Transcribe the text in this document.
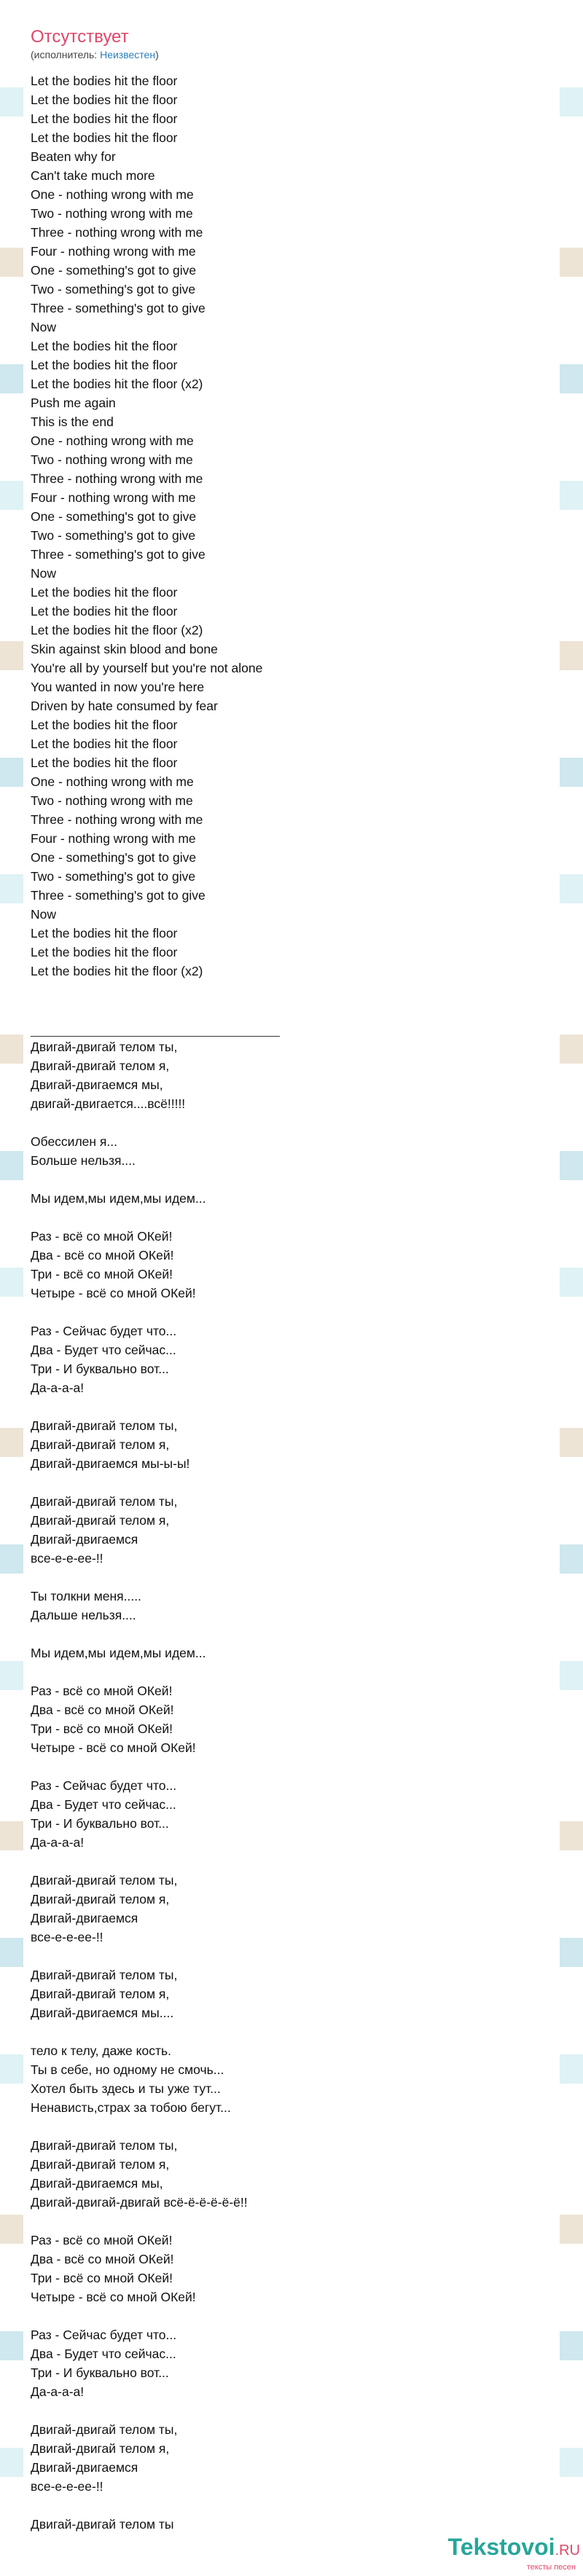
Отсутствует
(исполнитель: Неизвестен)
Let the bodies hit the floor
Let the bodies hit the floor
Let the bodies hit the floor
Let the bodies hit the floor
Beaten why for
Can't take much more
One - nothing wrong with me
Two - nothing wrong with me
Three - nothing wrong with me
Four - nothing wrong with me
One - something's got to give
Two - something's got to give
Three - something's got to give
Now
Let the bodies hit the floor
Let the bodies hit the floor
Let the bodies hit the floor (x2)
Push me again
This is the end
One - nothing wrong with me
Two - nothing wrong with me
Three - nothing wrong with me
Four - nothing wrong with me
One - something's got to give
Two - something's got to give
Three - something's got to give
Now
Let the bodies hit the floor
Let the bodies hit the floor
Let the bodies hit the floor (x2)
Skin against skin blood and bone
You're all by yourself but you're not alone
You wanted in now you're here
Driven by hate consumed by fear
Let the bodies hit the floor
Let the bodies hit the floor
Let the bodies hit the floor
One - nothing wrong with me
Two - nothing wrong with me
Three - nothing wrong with me
Four - nothing wrong with me
One - something's got to give
Two - something's got to give
Three - something's got to give
Now
Let the bodies hit the floor
Let the bodies hit the floor
Let the bodies hit the floor (x2)
Двигай-двигай телом ты,
Двигай-двигай телом я,
Двигай-двигаемся мы,
двигай-двигается....всё!!!!!
Обессилен я...
Больше нельзя....
Мы идем,мы идем,мы идем...
Раз - всё со мной ОКей!
Два - всё со мной ОКей!
Три - всё со мной ОКей!
Четыре - всё со мной ОКей!
Раз - Сейчас будет что...
Два - Будет что сейчас...
Три - И буквально вот...
Да-а-а-а!
Двигай-двигай телом ты,
Двигай-двигай телом я,
Двигай-двигаемся мы-ы-ы!
Двигай-двигай телом ты,
Двигай-двигай телом я,
Двигай-двигаемся
все-е-е-ее-!!
Ты толкни меня.....
Дальше нельзя....
Мы идем,мы идем,мы идем...
Раз - всё со мной ОКей!
Два - всё со мной ОКей!
Три - всё со мной ОКей!
Четыре - всё со мной ОКей!
Раз - Сейчас будет что...
Два - Будет что сейчас...
Три - И буквально вот...
Да-а-а-а!
Двигай-двигай телом ты,
Двигай-двигай телом я,
Двигай-двигаемся
все-е-е-ее-!!
Двигай-двигай телом ты,
Двигай-двигай телом я,
Двигай-двигаемся мы....
тело к телу, даже кость.
Ты в себе, но одному не смочь...
Хотел быть здесь и ты уже тут...
Ненависть,страх за тобою бегут...
Двигай-двигай телом ты,
Двигай-двигай телом я,
Двигай-двигаемся мы,
Двигай-двигай-двигай всё-ё-ё-ё-ё-ё!!
Раз - всё со мной ОКей!
Два - всё со мной ОКей!
Три - всё со мной ОКей!
Четыре - всё со мной ОКей!
Раз - Сейчас будет что...
Два - Будет что сейчас...
Три - И буквально вот...
Да-а-а-а!
Двигай-двигай телом ты,
Двигай-двигай телом я,
Двигай-двигаемся
все-е-е-ее-!!
Двигай-двигай телом ты
Tekstovoi.RU
тексты песен
